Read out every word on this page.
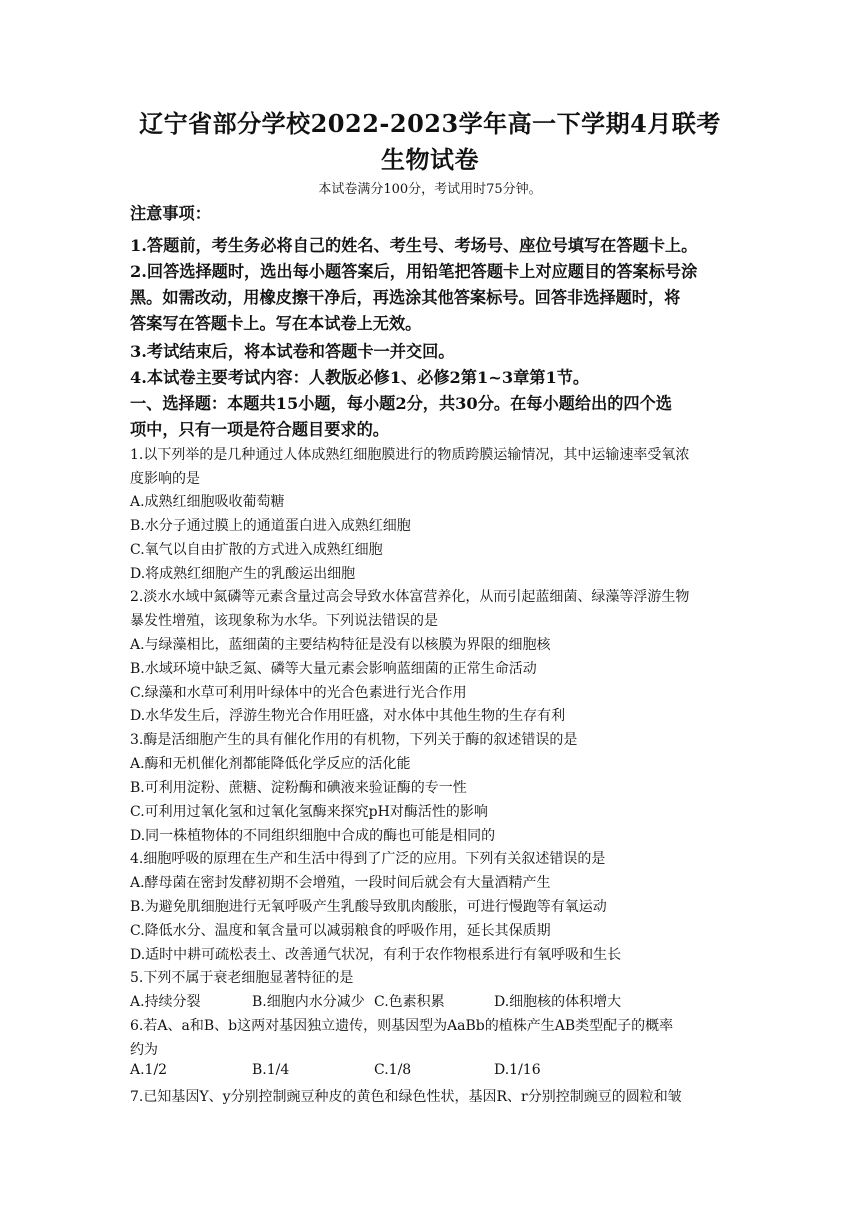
辽宁省部分学校2022-2023学年高一下学期4月联考
生物试卷
本试卷满分100分，考试用时75分钟。
注意事项：
1.答题前，考生务必将自己的姓名、考生号、考场号、座位号填写在答题卡上。
2.回答选择题时，选出每小题答案后，用铅笔把答题卡上对应题目的答案标号涂
黑。如需改动，用橡皮擦干净后，再选涂其他答案标号。回答非选择题时，将
答案写在答题卡上。写在本试卷上无效。
3.考试结束后，将本试卷和答题卡一并交回。
4.本试卷主要考试内容：人教版必修1、必修2第1~3章第1节。
一、选择题：本题共15小题，每小题2分，共30分。在每小题给出的四个选
项中，只有一项是符合题目要求的。
1.以下列举的是几种通过人体成熟红细胞膜进行的物质跨膜运输情况，其中运输速率受氧浓
度影响的是
A.成熟红细胞吸收葡萄糖
B.水分子通过膜上的通道蛋白进入成熟红细胞
C.氧气以自由扩散的方式进入成熟红细胞
D.将成熟红细胞产生的乳酸运出细胞
2.淡水水域中氮磷等元素含量过高会导致水体富营养化，从而引起蓝细菌、绿藻等浮游生物
暴发性增殖，该现象称为水华。下列说法错误的是
A.与绿藻相比，蓝细菌的主要结构特征是没有以核膜为界限的细胞核
B.水域环境中缺乏氮、磷等大量元素会影响蓝细菌的正常生命活动
C.绿藻和水草可利用叶绿体中的光合色素进行光合作用
D.水华发生后，浮游生物光合作用旺盛，对水体中其他生物的生存有利
3.酶是活细胞产生的具有催化作用的有机物，下列关于酶的叙述错误的是
A.酶和无机催化剂都能降低化学反应的活化能
B.可利用淀粉、蔗糖、淀粉酶和碘液来验证酶的专一性
C.可利用过氧化氢和过氧化氢酶来探究pH对酶活性的影响
D.同一株植物体的不同组织细胞中合成的酶也可能是相同的
4.细胞呼吸的原理在生产和生活中得到了广泛的应用。下列有关叙述错误的是
A.酵母菌在密封发酵初期不会增殖，一段时间后就会有大量酒精产生
B.为避免肌细胞进行无氧呼吸产生乳酸导致肌肉酸胀，可进行慢跑等有氧运动
C.降低水分、温度和氧含量可以减弱粮食的呼吸作用，延长其保质期
D.适时中耕可疏松表土、改善通气状况，有利于农作物根系进行有氧呼吸和生长
5.下列不属于衰老细胞显著特征的是
A.持续分裂	B.细胞内水分减少 C.色素积累	D.细胞核的体积增大
6.若A、a和B、b这两对基因独立遗传，则基因型为AaBb的植株产生AB类型配子的概率
约为
A.1/2	B.1/4	C.1/8	D.1/16
7.已知基因Y、y分别控制豌豆种皮的黄色和绿色性状，基因R、r分别控制豌豆的圆粒和皱
